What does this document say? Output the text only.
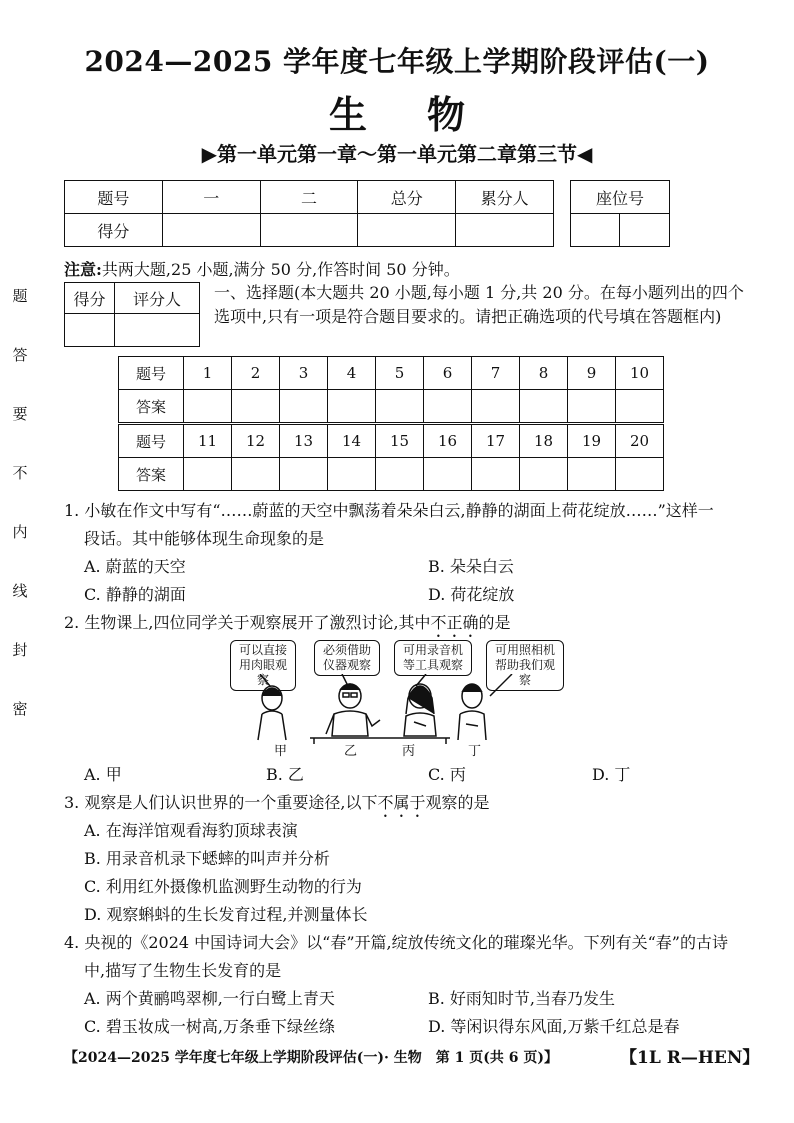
2024—2025 学年度七年级上学期阶段评估(一)
生物
▶第一单元第一章～第一单元第二章第三节◀
题号	一	二	总分	累分人
得分				
座位号

注意:共两大题,25 小题,满分 50 分,作答时间 50 分钟。
题
答
要
不
内
线
封
密
得分	评分人
	一、选择题(本大题共 20 小题,每小题 1 分,共 20 分。在每小题列出的四个选项中,只有一项是符合题目要求的。请把正确选项的代号填在答题框内)
题号	1	2	3	4	5	6	7	8	9	10
答案										
题号	11	12	13	14	15	16	17	18	19	20
答案										
1. 小敏在作文中写有“……蔚蓝的天空中飘荡着朵朵白云,静静的湖面上荷花绽放……”这样一
段话。其中能够体现生命现象的是
A. 蔚蓝的天空	B. 朵朵白云
C. 静静的湖面	D. 荷花绽放
2. 生物课上,四位同学关于观察展开了激烈讨论,其中不正确的是
可以直接用肉眼观察
必须借助仪器观察
可用录音机等工具观察
可用照相机帮助我们观察
甲	乙	丙	丁
A. 甲	B. 乙	C. 丙	D. 丁
3. 观察是人们认识世界的一个重要途径,以下不属于观察的是
A. 在海洋馆观看海豹顶球表演
B. 用录音机录下蟋蟀的叫声并分析
C. 利用红外摄像机监测野生动物的行为
D. 观察蝌蚪的生长发育过程,并测量体长
4. 央视的《2024 中国诗词大会》以“春”开篇,绽放传统文化的璀璨光华。下列有关“春”的古诗
中,描写了生物生长发育的是
A. 两个黄鹂鸣翠柳,一行白鹭上青天	B. 好雨知时节,当春乃发生
C. 碧玉妆成一树高,万条垂下绿丝绦	D. 等闲识得东风面,万紫千红总是春
【2024—2025 学年度七年级上学期阶段评估(一)· 生物　第 1 页(共 6 页)】	【1L R—HEN】
